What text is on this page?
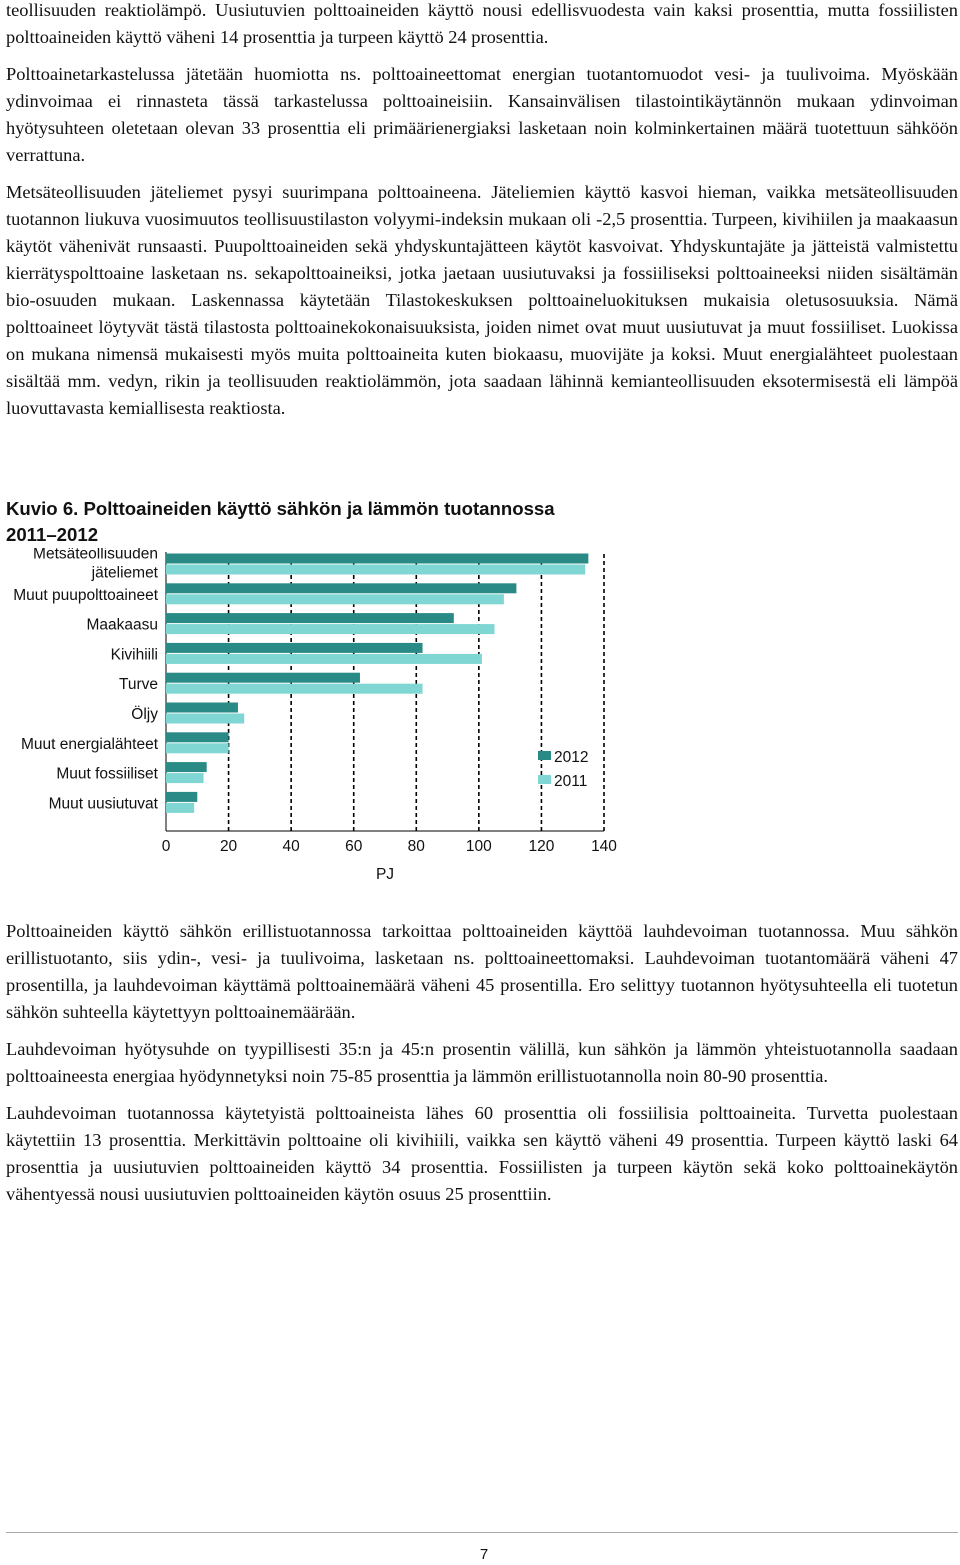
teollisuuden reaktiolämpö. Uusiutuvien polttoaineiden käyttö nousi edellisvuodesta vain kaksi prosenttia, mutta fossiilisten polttoaineiden käyttö väheni 14 prosenttia ja turpeen käyttö 24 prosenttia.

Polttoainetarkastelussa jätetään huomiotta ns. polttoaineettomat energian tuotantomuodot vesi- ja tuulivoima. Myöskään ydinvoimaa ei rinnasteta tässä tarkastelussa polttoaineisiin. Kansainvälisen tilastointikäytännön mukaan ydinvoiman hyötysuhteen oletetaan olevan 33 prosenttia eli primäärienergiaksi lasketaan noin kolminkertainen määrä tuotettuun sähköön verrattuna.

Metsäteollisuuden jäteliemet pysyi suurimpana polttoaineena. Jäteliemien käyttö kasvoi hieman, vaikka metsäteollisuuden tuotannon liukuva vuosimuutos teollisuustilaston volyymi-indeksin mukaan oli -2,5 prosenttia. Turpeen, kivihiilen ja maakaasun käytöt vähenivät runsaasti. Puupolttoaineiden sekä yhdyskuntajätteen käytöt kasvoivat. Yhdyskuntajäte ja jätteistä valmistettu kierrätyspolttoaine lasketaan ns. sekapolttoaineiksi, jotka jaetaan uusiutuvaksi ja fossiiliseksi polttoaineeksi niiden sisältämän bio-osuuden mukaan. Laskennassa käytetään Tilastokeskuksen polttoaineluokituksen mukaisia oletusosuuksia. Nämä polttoaineet löytyvät tästä tilastosta polttoainekokonaisuuksista, joiden nimet ovat muut uusiutuvat ja muut fossiiliset. Luokissa on mukana nimensä mukaisesti myös muita polttoaineita kuten biokaasu, muovijäte ja koksi. Muut energialähteet puolestaan sisältää mm. vedyn, rikin ja teollisuuden reaktiolämmön, jota saadaan lähinnä kemianteollisuuden eksotermisestä eli lämpöä luovuttavasta kemiallisesta reaktiosta.

Kuvio 6. Polttoaineiden käyttö sähkön ja lämmön tuotannossa
2011–2012
Metsäteollisuuden
jäteliemet
Muut puupolttoaineet
Maakaasu
Kivihiili
Turve
Öljy
Muut energialähteet
Muut fossiiliset
Muut uusiutuvat
0	20	40	60	80	100 120 140
PJ
2012
2011

Polttoaineiden käyttö sähkön erillistuotannossa tarkoittaa polttoaineiden käyttöä lauhdevoiman tuotannossa. Muu sähkön erillistuotanto, siis ydin-, vesi- ja tuulivoima, lasketaan ns. polttoaineettomaksi. Lauhdevoiman tuotantomäärä väheni 47 prosentilla, ja lauhdevoiman käyttämä polttoainemäärä väheni 45 prosentilla. Ero selittyy tuotannon hyötysuhteella eli tuotetun sähkön suhteella käytettyyn polttoainemäärään.

Lauhdevoiman hyötysuhde on tyypillisesti 35:n ja 45:n prosentin välillä, kun sähkön ja lämmön yhteistuotannolla saadaan polttoaineesta energiaa hyödynnetyksi noin 75-85 prosenttia ja lämmön erillistuotannolla noin 80-90 prosenttia.

Lauhdevoiman tuotannossa käytetyistä polttoaineista lähes 60 prosenttia oli fossiilisia polttoaineita. Turvetta puolestaan käytettiin 13 prosenttia. Merkittävin polttoaine oli kivihiili, vaikka sen käyttö väheni 49 prosenttia. Turpeen käyttö laski 64 prosenttia ja uusiutuvien polttoaineiden käyttö 34 prosenttia. Fossiilisten ja turpeen käytön sekä koko polttoainekäytön vähentyessä nousi uusiutuvien polttoaineiden käytön osuus 25 prosenttiin.

7
